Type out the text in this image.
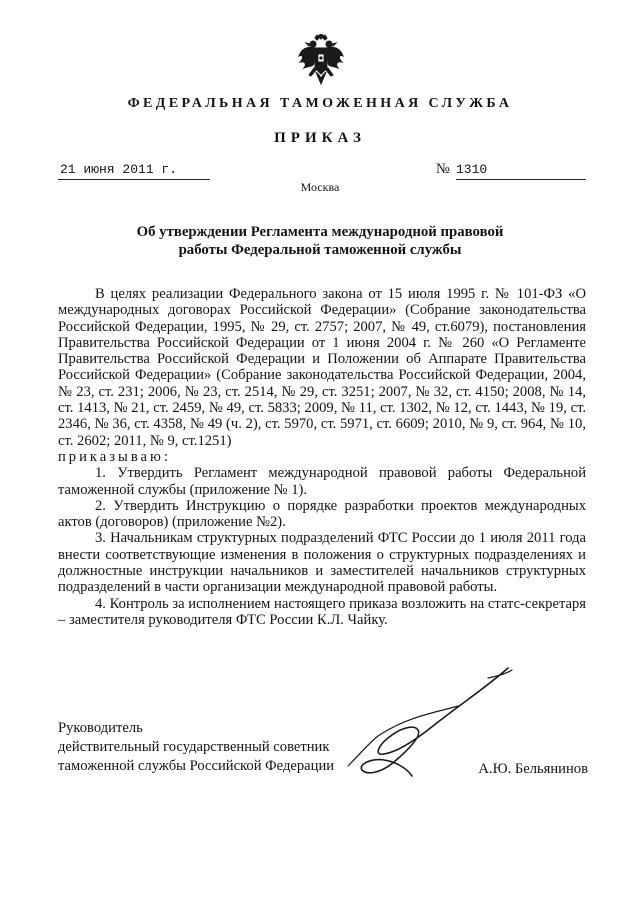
ФЕДЕРАЛЬНАЯ ТАМОЖЕННАЯ СЛУЖБА
ПРИКАЗ
21 июня 2011 г.	№ 1310
Москва
Об утверждении Регламента международной правовой
работы Федеральной таможенной службы

В целях реализации Федерального закона от 15 июля 1995 г. № 101-ФЗ «О международных договорах Российской Федерации» (Собрание законодательства Российской Федерации, 1995, № 29, ст. 2757; 2007, № 49, ст.6079), постановления Правительства Российской Федерации от 1 июня 2004 г. № 260 «О Регламенте Правительства Российской Федерации и Положении об Аппарате Правительства Российской Федерации» (Собрание законодательства Российской Федерации, 2004, № 23, ст. 231; 2006, № 23, ст. 2514, № 29, ст. 3251; 2007, № 32, ст. 4150; 2008, № 14, ст. 1413, № 21, ст. 2459, № 49, ст. 5833; 2009, № 11, ст. 1302, № 12, ст. 1443, № 19, ст. 2346, № 36, ст. 4358, № 49 (ч. 2), ст. 5970, ст. 5971, ст. 6609; 2010, № 9, ст. 964, № 10, ст. 2602; 2011, № 9, ст.1251)

приказываю:

1. Утвердить Регламент международной правовой работы Федеральной таможенной службы (приложение № 1).

2. Утвердить Инструкцию о порядке разработки проектов международных актов (договоров) (приложение №2).

3. Начальникам структурных подразделений ФТС России до 1 июля 2011 года внести соответствующие изменения в положения о структурных подразделениях и должностные инструкции начальников и заместителей начальников структурных подразделений в части организации международной правовой работы.

4. Контроль за исполнением настоящего приказа возложить на статс-секретаря – заместителя руководителя ФТС России К.Л. Чайку.

Руководитель
действительный государственный советник
таможенной службы Российской Федерации	А.Ю. Бельянинов
